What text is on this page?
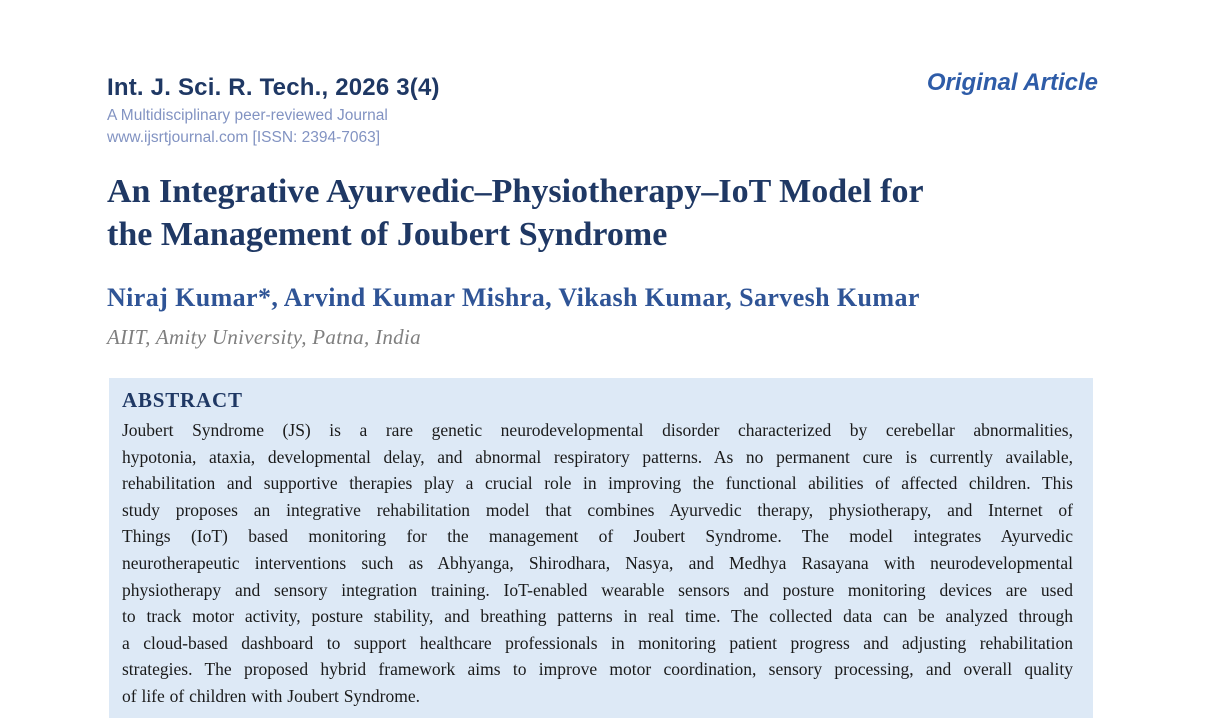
Int. J. Sci. R. Tech., 2026 3(4)
A Multidisciplinary peer-reviewed Journal
www.ijsrtjournal.com [ISSN: 2394-7063]
Original Article
An Integrative Ayurvedic–Physiotherapy–IoT Model for
the Management of Joubert Syndrome
Niraj Kumar*, Arvind Kumar Mishra, Vikash Kumar, Sarvesh Kumar
AIIT, Amity University, Patna, India
ABSTRACT
Joubert Syndrome (JS) is a rare genetic neurodevelopmental disorder characterized by cerebellar abnormalities,
hypotonia, ataxia, developmental delay, and abnormal respiratory patterns. As no permanent cure is currently available,
rehabilitation and supportive therapies play a crucial role in improving the functional abilities of affected children. This
study proposes an integrative rehabilitation model that combines Ayurvedic therapy, physiotherapy, and Internet of
Things (IoT) based monitoring for the management of Joubert Syndrome. The model integrates Ayurvedic
neurotherapeutic interventions such as Abhyanga, Shirodhara, Nasya, and Medhya Rasayana with neurodevelopmental
physiotherapy and sensory integration training. IoT-enabled wearable sensors and posture monitoring devices are used
to track motor activity, posture stability, and breathing patterns in real time. The collected data can be analyzed through
a cloud-based dashboard to support healthcare professionals in monitoring patient progress and adjusting rehabilitation
strategies. The proposed hybrid framework aims to improve motor coordination, sensory processing, and overall quality
of life of children with Joubert Syndrome.
